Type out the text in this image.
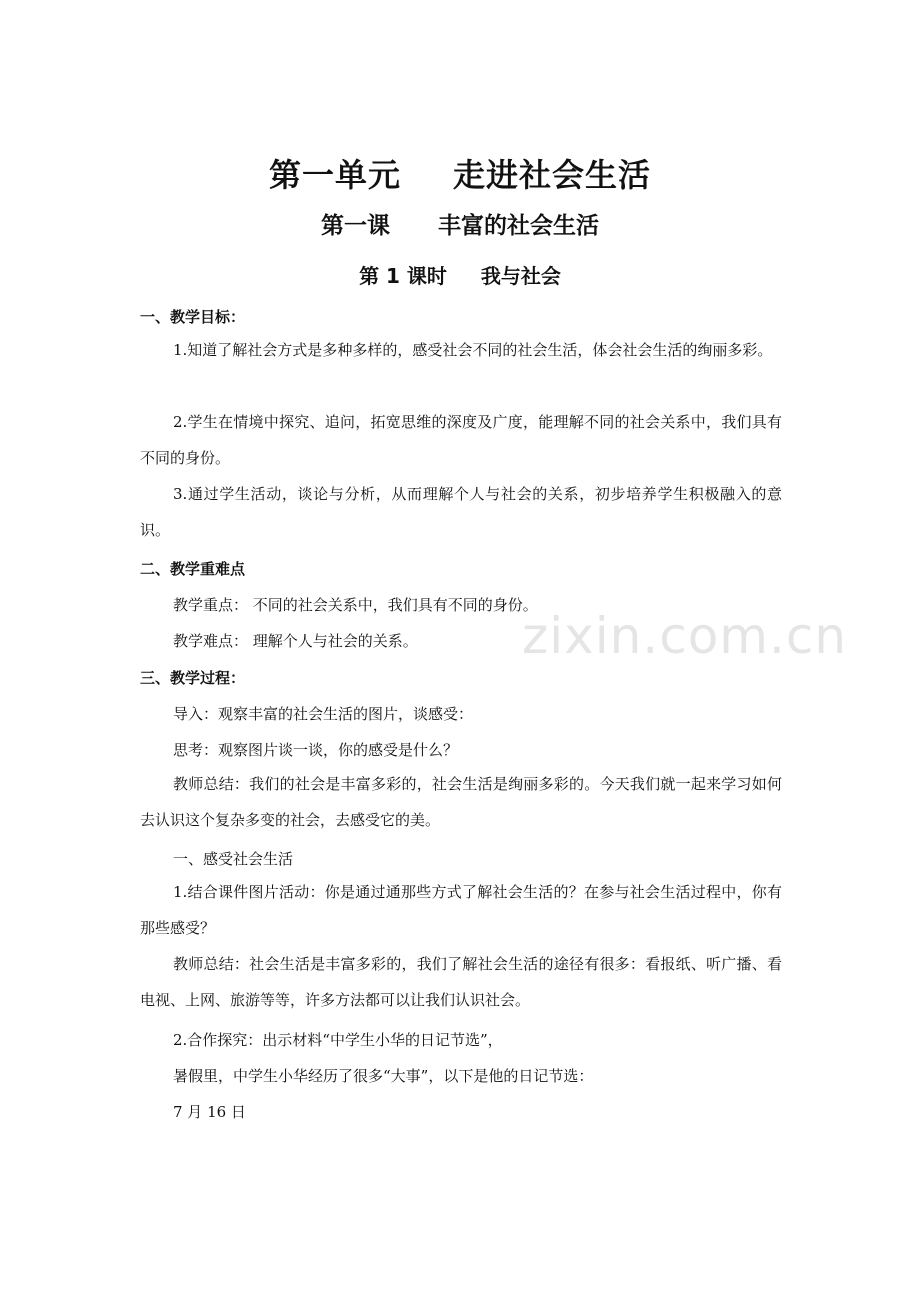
第一单元 走进社会生活
第一课 丰富的社会生活
第 1 课时 我与社会
一、教学目标：
1.知道了解社会方式是多种多样的，感受社会不同的社会生活，体会社会生活的绚丽多彩。
2.学生在情境中探究、追问，拓宽思维的深度及广度，能理解不同的社会关系中，我们具有不同的身份。
3.通过学生活动，谈论与分析，从而理解个人与社会的关系，初步培养学生积极融入的意识。
二、教学重难点
教学重点： 不同的社会关系中，我们具有不同的身份。
教学难点： 理解个人与社会的关系。
三、教学过程：
导入：观察丰富的社会生活的图片，谈感受：
思考：观察图片谈一谈，你的感受是什么？
教师总结：我们的社会是丰富多彩的，社会生活是绚丽多彩的。今天我们就一起来学习如何去认识这个复杂多变的社会，去感受它的美。
一、感受社会生活
1.结合课件图片活动：你是通过通那些方式了解社会生活的？在参与社会生活过程中，你有那些感受？
教师总结：社会生活是丰富多彩的，我们了解社会生活的途径有很多：看报纸、听广播、看电视、上网、旅游等等，许多方法都可以让我们认识社会。
2.合作探究：出示材料“中学生小华的日记节选”，
暑假里，中学生小华经历了很多“大事”，以下是他的日记节选：
7 月 16 日
zixin.com.cn
